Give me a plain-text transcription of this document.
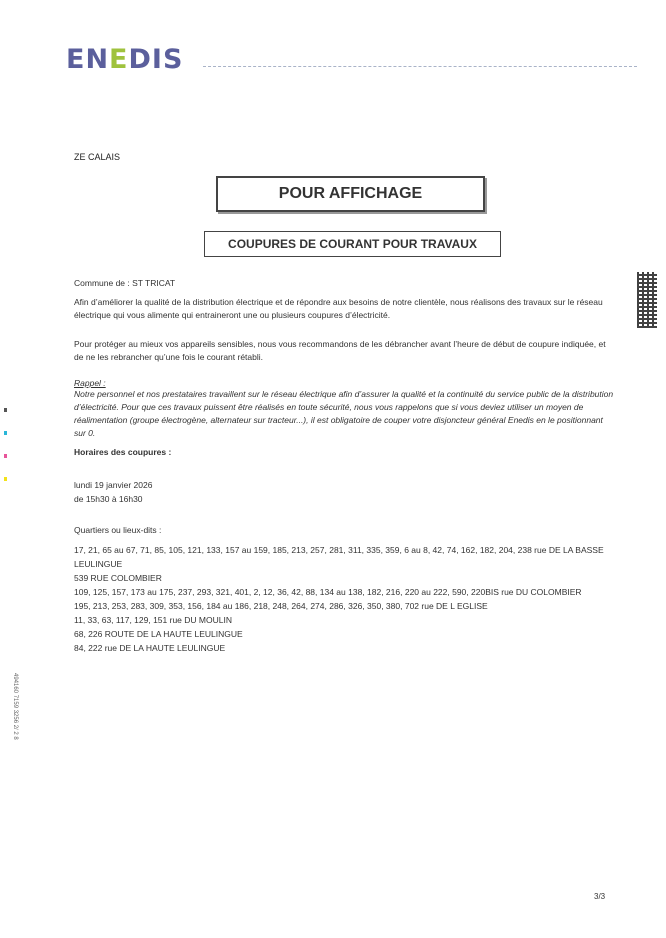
ENEDIS
ZE CALAIS
POUR AFFICHAGE
COUPURES DE COURANT POUR TRAVAUX
Commune de : ST TRICAT
Afin d’améliorer la qualité de la distribution électrique et de répondre aux besoins de notre clientèle, nous réalisons des travaux sur le réseau électrique qui vous alimente qui entraineront une ou plusieurs coupures d’électricité.
Pour protéger au mieux vos appareils sensibles, nous vous recommandons de les débrancher avant l’heure de début de coupure indiquée, et de ne les rebrancher qu’une fois le courant rétabli.
Rappel :
Notre personnel et nos prestataires travaillent sur le réseau électrique afin d’assurer la qualité et la continuité du service public de la distribution d’électricité. Pour que ces travaux puissent être réalisés en toute sécurité, nous vous rappelons que si vous deviez utiliser un moyen de réalimentation (groupe électrogène, alternateur sur tracteur...), il est obligatoire de couper votre disjoncteur général Enedis en le positionnant sur 0.
Horaires des coupures :
lundi 19 janvier 2026
de 15h30 à 16h30
Quartiers ou lieux-dits :
17, 21, 65 au 67, 71, 85, 105, 121, 133, 157 au 159, 185, 213, 257, 281, 311, 335, 359, 6 au 8, 42, 74, 162, 182, 204, 238 rue DE LA BASSE LEULINGUE
539 RUE COLOMBIER
109, 125, 157, 173 au 175, 237, 293, 321, 401, 2, 12, 36, 42, 88, 134 au 138, 182, 216, 220 au 222, 590, 220BIS rue DU COLOMBIER
195, 213, 253, 283, 309, 353, 156, 184 au 186, 218, 248, 264, 274, 286, 326, 350, 380, 702 rue DE L EGLISE
11, 33, 63, 117, 129, 151 rue DU MOULIN
68, 226 ROUTE DE LA HAUTE LEULINGUE
84, 222 rue DE LA HAUTE LEULINGUE
494160 7159 3256 2/ 2 8
3/3
